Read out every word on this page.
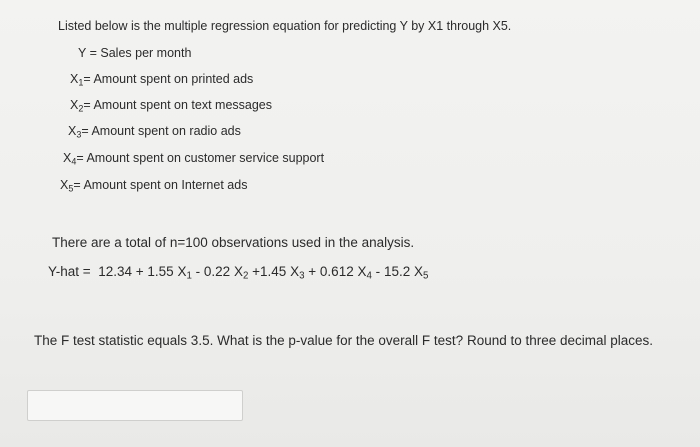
Listed below is the multiple regression equation for predicting Y by X1 through X5.
Y = Sales per month
$X_1=$ Amount spent on printed ads
$X_2=$ Amount spent on text messages
$X_3=$ Amount spent on radio ads
$X_4=$ Amount spent on customer service support
$X_5=$ Amount spent on Internet ads
There are a total of n=100 observations used in the analysis.
Y-hat = 12.34 + 1.55 $X_1 - 0.22$ $X_2 +1.45$ $X_3 + 0.612$ $X_4 - 15.2$ $X_5$
The F test statistic equals 3.5. What is the p-value for the overall F test? Round to three decimal places.
